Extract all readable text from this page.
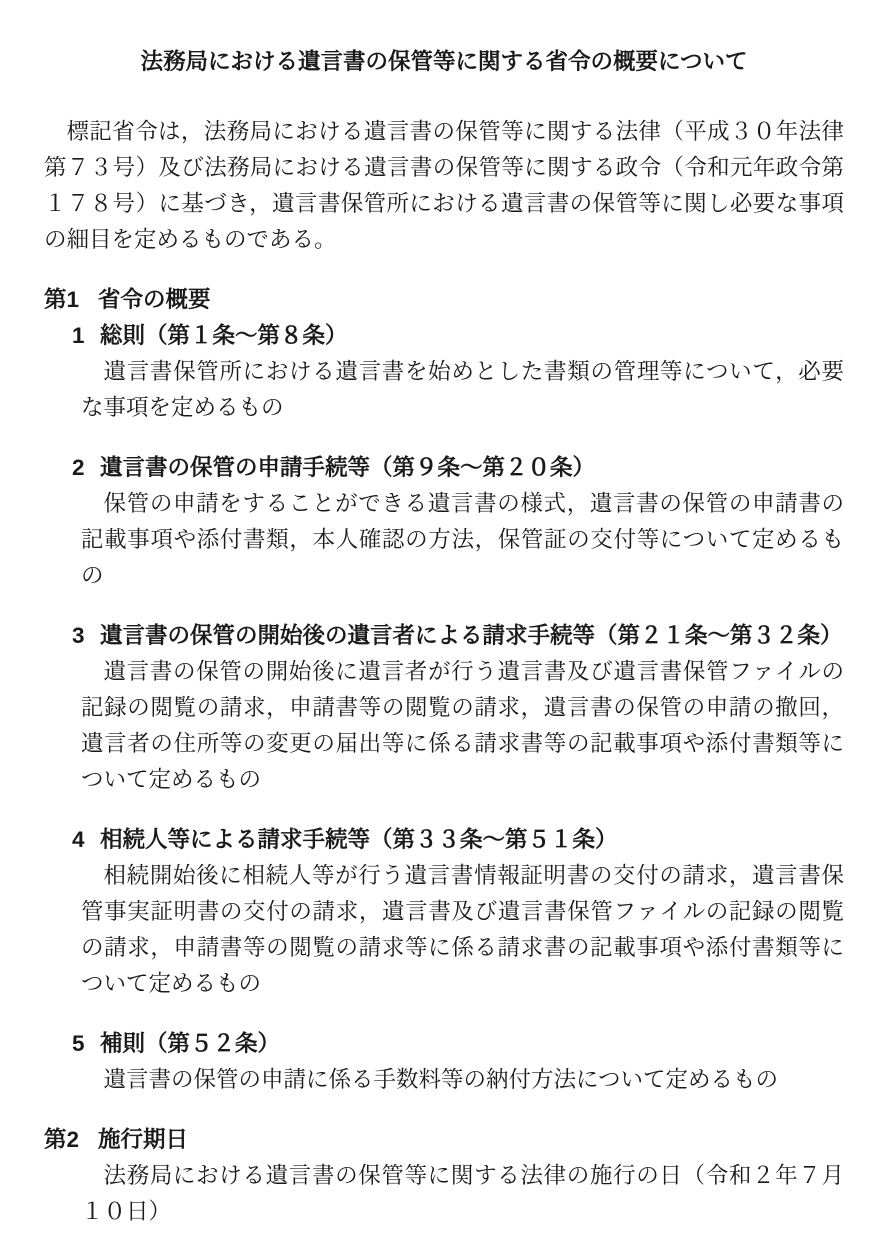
法務局における遺言書の保管等に関する省令の概要について

標記省令は，法務局における遺言書の保管等に関する法律（平成３０年法律第７３号）及び法務局における遺言書の保管等に関する政令（令和元年政令第１７８号）に基づき，遺言書保管所における遺言書の保管等に関し必要な事項の細目を定めるものである。

第1 省令の概要
1 総則（第１条～第８条）

遺言書保管所における遺言書を始めとした書類の管理等について，必要な事項を定めるもの

2 遺言書の保管の申請手続等（第９条～第２０条）

保管の申請をすることができる遺言書の様式，遺言書の保管の申請書の記載事項や添付書類，本人確認の方法，保管証の交付等について定めるもの

3 遺言書の保管の開始後の遺言者による請求手続等（第２１条～第３２条）

遺言書の保管の開始後に遺言者が行う遺言書及び遺言書保管ファイルの記録の閲覧の請求，申請書等の閲覧の請求，遺言書の保管の申請の撤回，遺言者の住所等の変更の届出等に係る請求書等の記載事項や添付書類等について定めるもの

4 相続人等による請求手続等（第３３条～第５１条）

相続開始後に相続人等が行う遺言書情報証明書の交付の請求，遺言書保管事実証明書の交付の請求，遺言書及び遺言書保管ファイルの記録の閲覧の請求，申請書等の閲覧の請求等に係る請求書の記載事項や添付書類等について定めるもの

5 補則（第５２条）

遺言書の保管の申請に係る手数料等の納付方法について定めるもの

第2 施行期日

法務局における遺言書の保管等に関する法律の施行の日（令和２年７月１０日）
